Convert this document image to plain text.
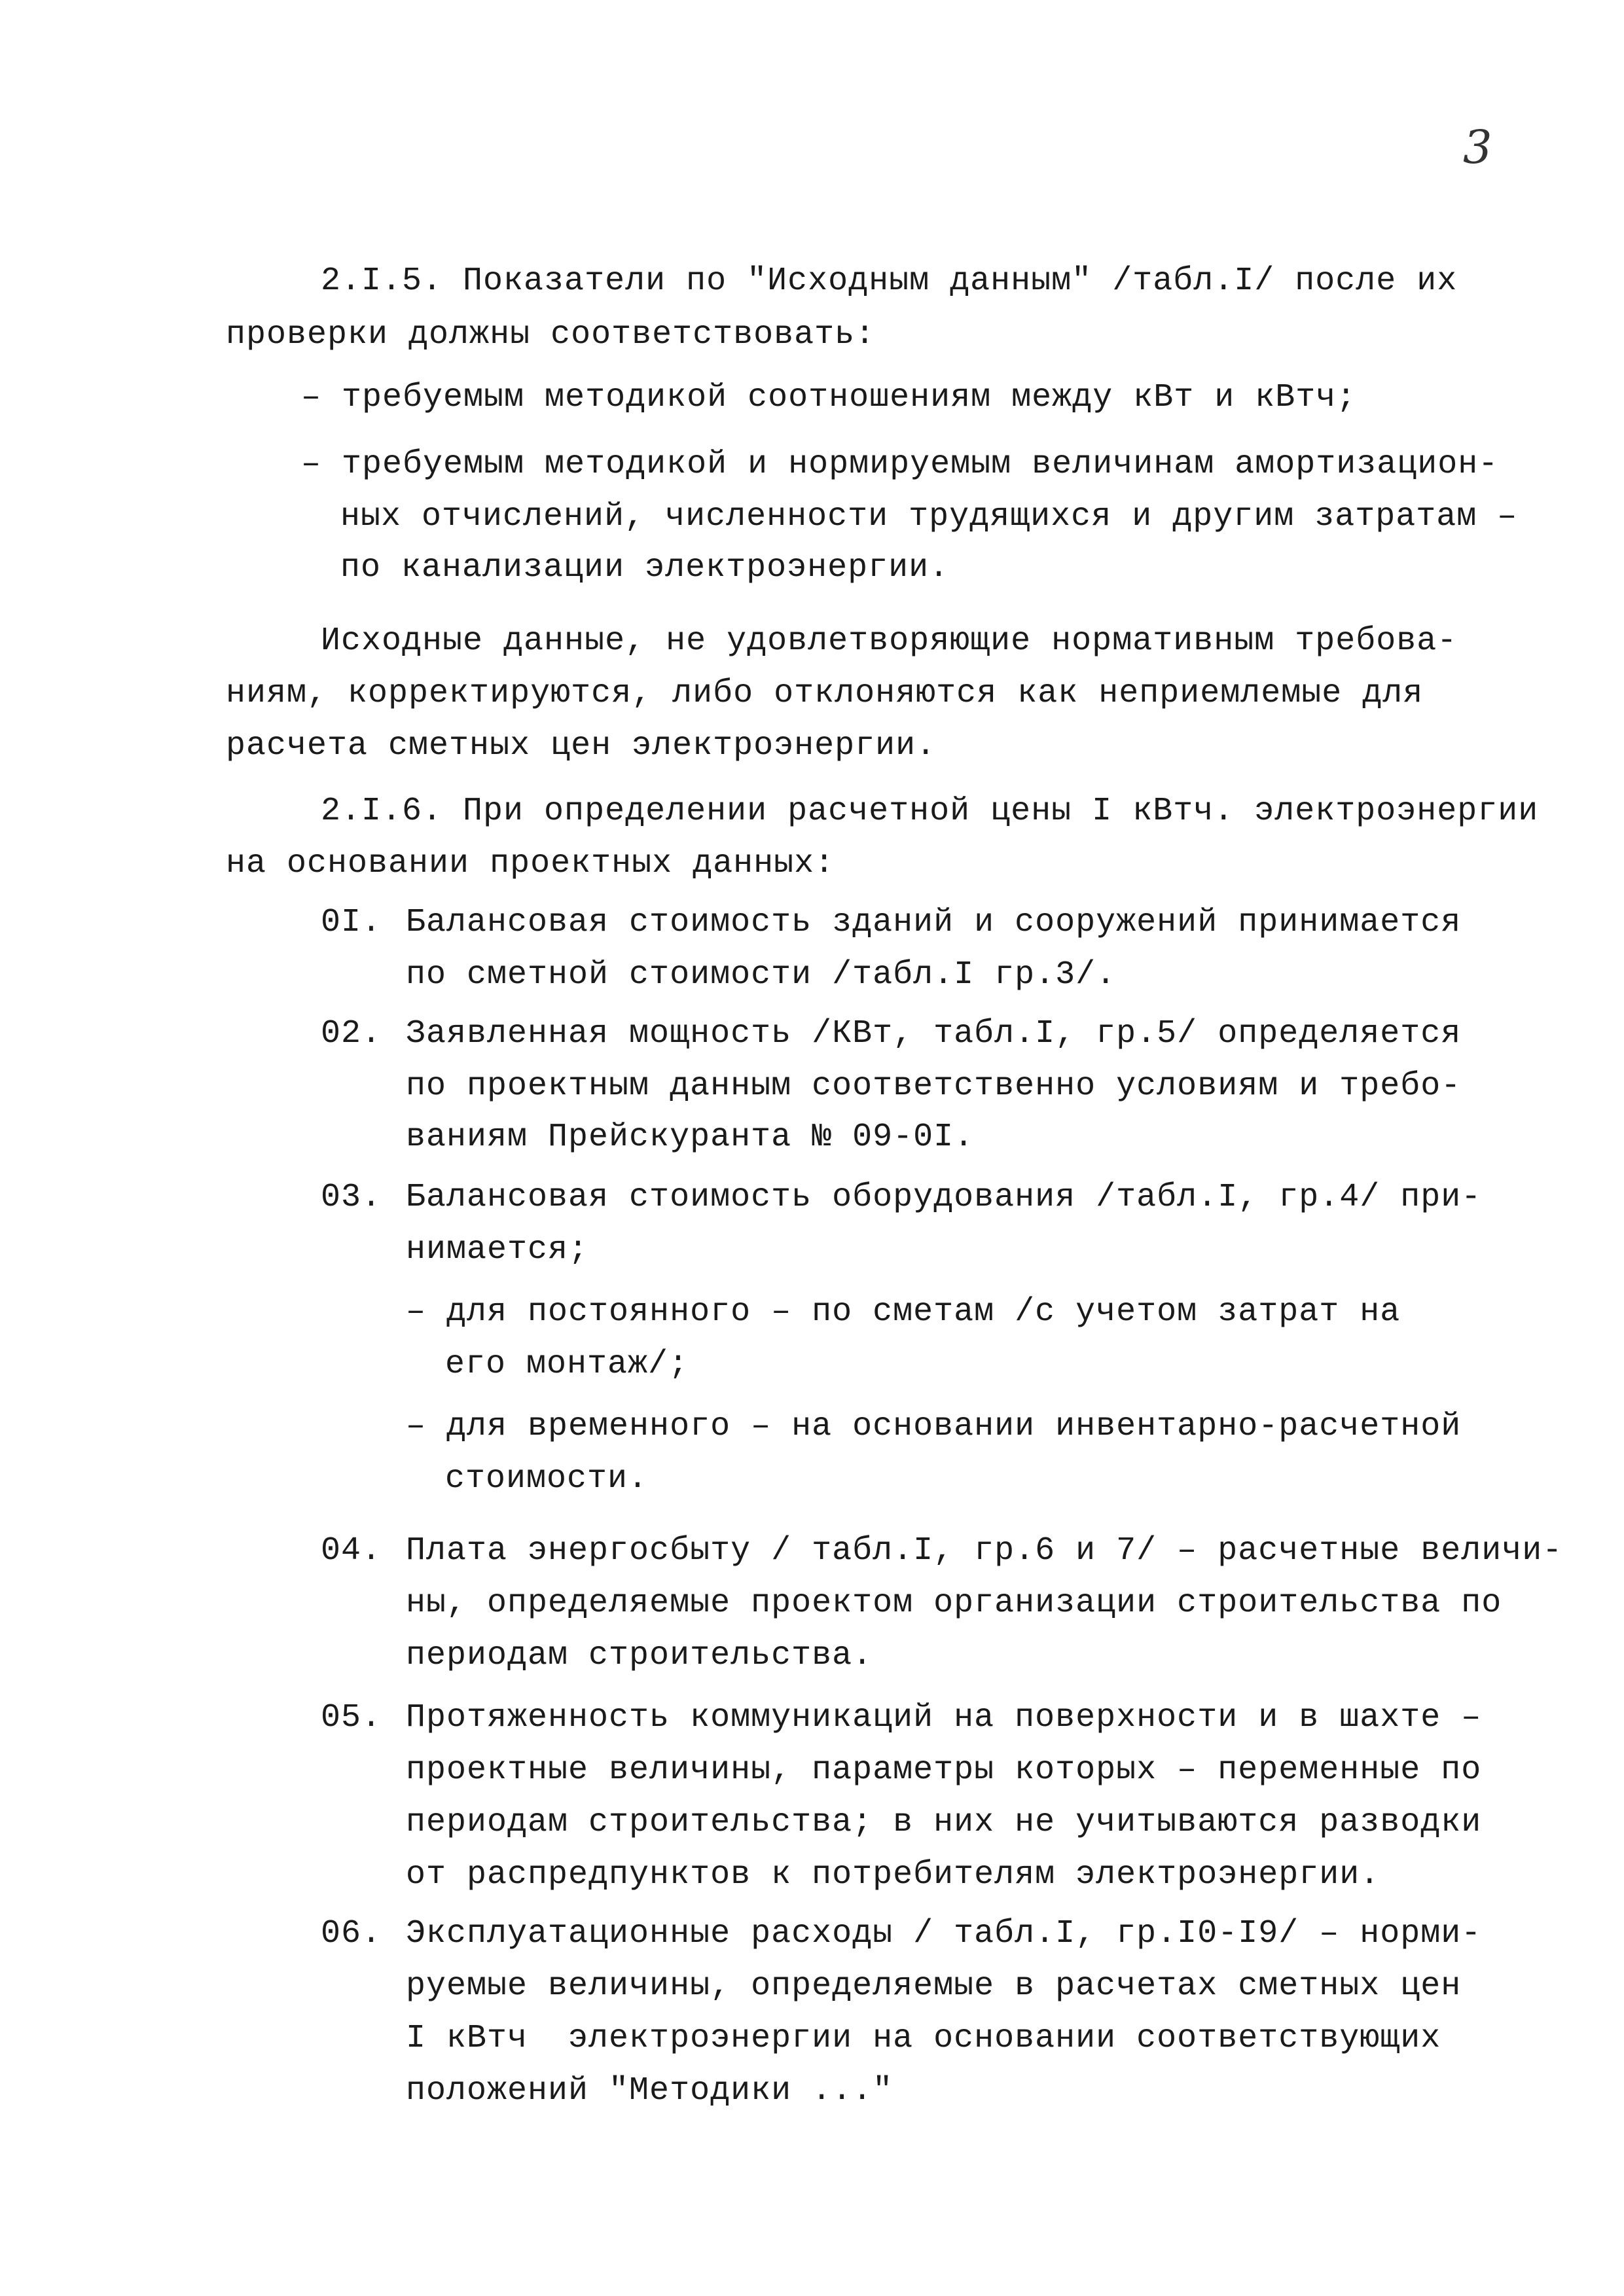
3
2.I.5. Показатели по "Исходным данным" /табл.I/ после их
проверки должны соответствовать:
– требуемым методикой соотношениям между кВт и кВтч;
– требуемым методикой и нормируемым величинам амортизацион-
ных отчислений, численности трудящихся и другим затратам –
по канализации электроэнергии.
Исходные данные, не удовлетворяющие нормативным требова-
ниям, корректируются, либо отклоняются как неприемлемые для
расчета сметных цен электроэнергии.
2.I.6. При определении расчетной цены I кВтч. электроэнергии
на основании проектных данных:
0I. Балансовая стоимость зданий и сооружений принимается
по сметной стоимости /табл.I гр.3/.
02. Заявленная мощность /КВт, табл.I, гр.5/ определяется
по проектным данным соответственно условиям и требо-
ваниям Прейскуранта № 09-0I.
03. Балансовая стоимость оборудования /табл.I, гр.4/ при-
нимается;
– для постоянного – по сметам /с учетом затрат на
его монтаж/;
– для временного – на основании инвентарно-расчетной
стоимости.
04. Плата энергосбыту / табл.I, гр.6 и 7/ – расчетные величи-
ны, определяемые проектом организации строительства по
периодам строительства.
05. Протяженность коммуникаций на поверхности и в шахте –
проектные величины, параметры которых – переменные по
периодам строительства; в них не учитываются разводки
от распредпунктов к потребителям электроэнергии.
06. Эксплуатационные расходы / табл.I, гр.I0-I9/ – норми-
руемые величины, определяемые в расчетах сметных цен
I кВтч  электроэнергии на основании соответствующих
положений "Методики ..."
